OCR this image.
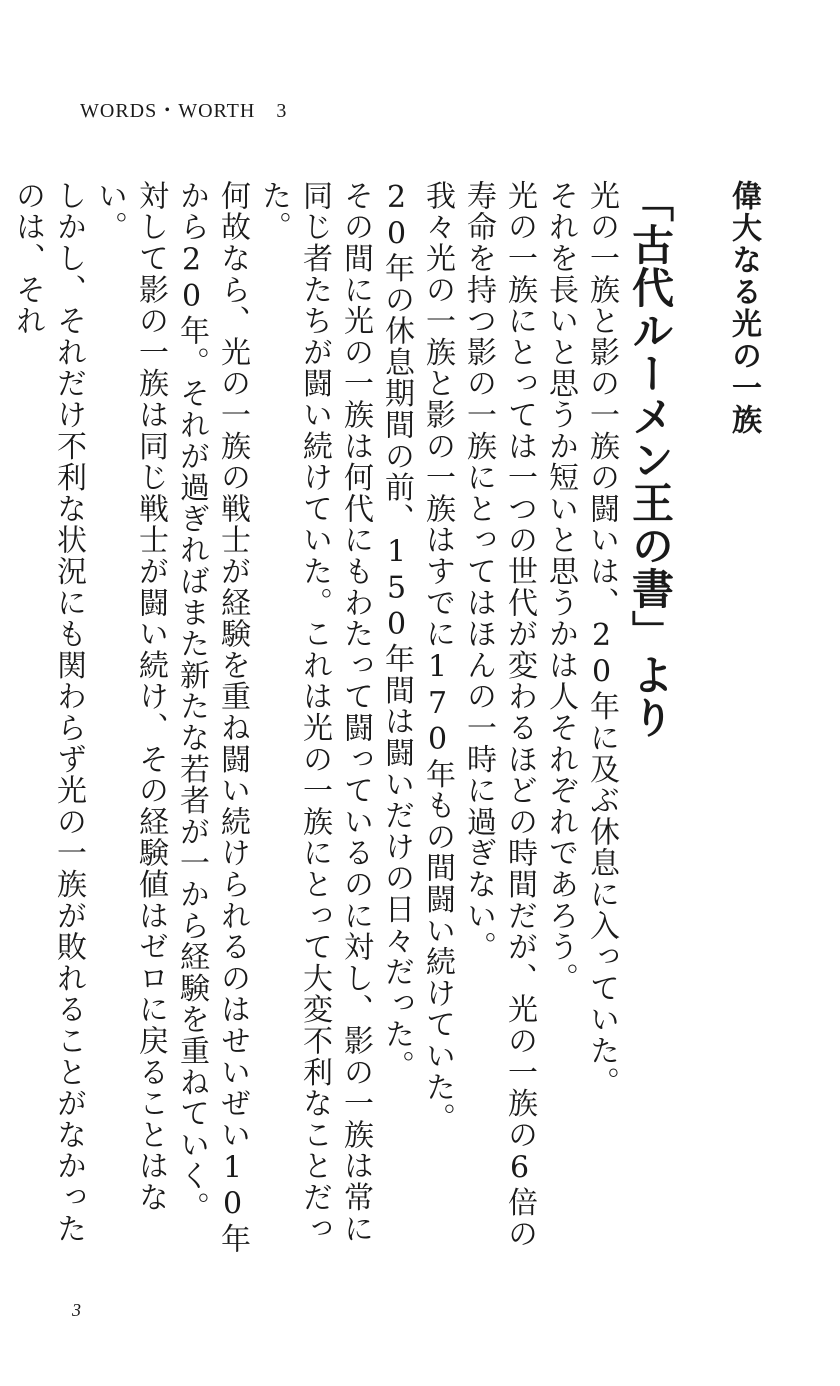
WORDS・WORTH　3
偉大なる光の一族
「古代ルーメン王の書」より

光の一族と影の一族の闘いは、20年に及ぶ休息に入っていた。

それを長いと思うか短いと思うかは人それぞれであろう。

光の一族にとっては一つの世代が変わるほどの時間だが、光の一族の6倍の寿命を持つ影の一族にとってはほんの一時に過ぎない。

我々光の一族と影の一族はすでに170年もの間闘い続けていた。

20年の休息期間の前、150年間は闘いだけの日々だった。

その間に光の一族は何代にもわたって闘っているのに対し、影の一族は常に同じ者たちが闘い続けていた。これは光の一族にとって大変不利なことだった。

何故なら、光の一族の戦士が経験を重ね闘い続けられるのはせいぜい10年から20年。それが過ぎればまた新たな若者が一から経験を重ねていく。

対して影の一族は同じ戦士が闘い続け、その経験値はゼロに戻ることはない。

しかし、それだけ不利な状況にも関わらず光の一族が敗れることがなかったのは、それ

3
